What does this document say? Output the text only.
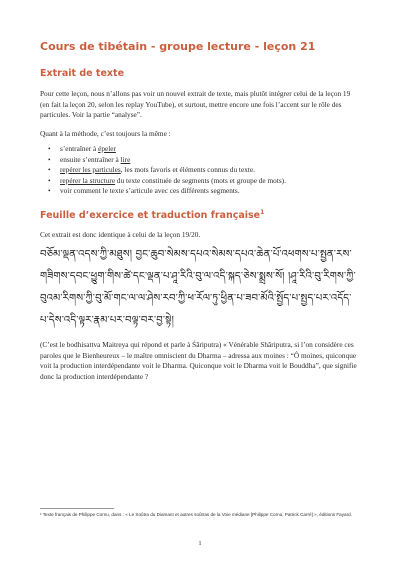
Cours de tibétain - groupe lecture - leçon 21
Extrait de texte

Pour cette leçon, nous n’allons pas voir un nouvel extrait de texte, mais plutôt intégrer celui de la leçon 19 (en fait la leçon 20, selon les replay YouTube), et surtout, mettre encore une fois l’accent sur le rôle des particules. Voir la partie “analyse”.

Quant à la méthode, c’est toujours la même :

• s’entraîner à épeler
• ensuite s’entraîner à lire
• repérer les particules, les mots favoris et éléments connus du texte.
• repérer la structure du texte constituée de segments (mots et groupe de mots).
• voir comment le texte s’articule avec ces différents segments.
Feuille d’exercice et traduction française$^1$

Cet extrait est donc identique à celui de la leçon 19/20.

བཅོམ་ལྡན་འདས་ཀྱི་མཐུས། བྱང་ཆུབ་སེམས་དཔའ་སེམས་དཔའ་ཆེན་པོ་འཕགས་པ་སྤྱན་རས་གཟིགས་དབང་ཕྱུག་གིས་ཚེ་དང་ལྡན་པ་ཤཱ་རིའི་བུ་ལ་འདི་སྐད་ཅེས་སྨྲས་སོ། །ཤཱ་རིའི་བུ་རིགས་ཀྱི་བུའམ་རིགས་ཀྱི་བུ་མོ་གང་ལ་ལ་ཤེས་རབ་ཀྱི་ཕ་རོལ་ཏུ་ཕྱིན་པ་ཟབ་མོའི་སྤྱོད་པ་སྤྱད་པར་འདོད་པ་དེས་འདི་ལྟར་རྣམ་པར་བལྟ་བར་བྱ་སྟེ།

(C’est le bodhisattva Maitreya qui répond et parle à Śāriputra) « Vénérable Shāriputra, si l’on considère ces paroles que le Bienheureux – le maître omniscient du Dharma – adressa aux moines : “Ô moines, quiconque voit la production interdépendante voit le Dharma. Quiconque voit le Dharma voit le Bouddha”, que signifie donc la production interdépendante ?

¹ Texte français de Philippe Cornu, dans : « Le Soûtra du Diamant et autres soûtras de la Voie médiane [Philippe Cornu, Patrick Carré] », éditions Fayard.
1
